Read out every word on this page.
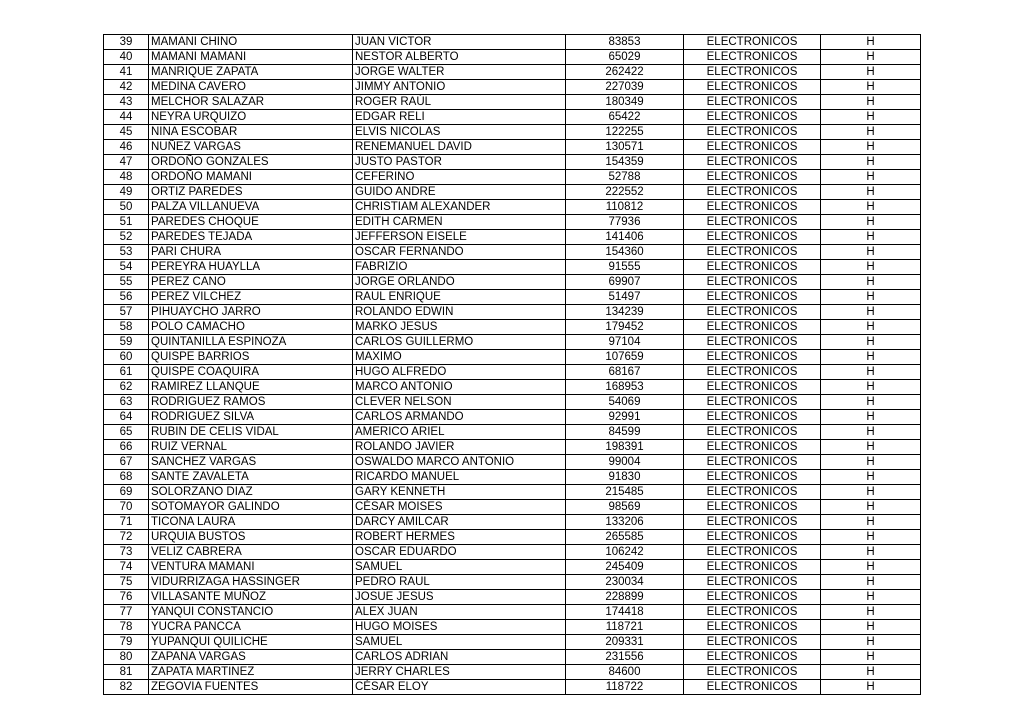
39	MAMANI CHINO	JUAN VICTOR	83853	ELECTRONICOS	H
40	MAMANI MAMANI	NESTOR ALBERTO	65029	ELECTRONICOS	H
41	MANRIQUE ZAPATA	JORGE WALTER	262422	ELECTRONICOS	H
42	MEDINA CAVERO	JIMMY ANTONIO	227039	ELECTRONICOS	H
43	MELCHOR SALAZAR	ROGER RAÚL	180349	ELECTRONICOS	H
44	NEYRA URQUIZO	EDGAR RELI	65422	ELECTRONICOS	H
45	NINA ESCOBAR	ELVIS NICOLAS	122255	ELECTRONICOS	H
46	NUÑEZ VARGAS	RENEMANUEL DAVID	130571	ELECTRONICOS	H
47	ORDOÑO GONZALES	JUSTO PASTOR	154359	ELECTRONICOS	H
48	ORDOÑO MAMANI	CEFERINO	52788	ELECTRONICOS	H
49	ORTIZ PAREDES	GUIDO ANDRE	222552	ELECTRONICOS	H
50	PALZA VILLANUEVA	CHRISTIAM ALEXANDER	110812	ELECTRONICOS	H
51	PAREDES CHOQUE	EDITH CARMEN	77936	ELECTRONICOS	H
52	PAREDES TEJADA	JEFFERSON EISELE	141406	ELECTRONICOS	H
53	PARI CHURA	OSCAR FERNANDO	154360	ELECTRONICOS	H
54	PEREYRA HUAYLLA	FABRIZIO	91555	ELECTRONICOS	H
55	PEREZ CANO	JORGE ORLANDO	69907	ELECTRONICOS	H
56	PEREZ VILCHEZ	RAUL ENRIQUE	51497	ELECTRONICOS	H
57	PIHUAYCHO JARRO	ROLANDO EDWIN	134239	ELECTRONICOS	H
58	POLO CAMACHO	MARKO JESUS	179452	ELECTRONICOS	H
59	QUINTANILLA ESPINOZA	CARLOS GUILLERMO	97104	ELECTRONICOS	H
60	QUISPE BARRIOS	MAXIMO	107659	ELECTRONICOS	H
61	QUISPE COAQUIRA	HUGO ALFREDO	68167	ELECTRONICOS	H
62	RAMIREZ LLANQUE	MARCO ANTONIO	168953	ELECTRONICOS	H
63	RODRIGUEZ RAMOS	CLEVER NELSON	54069	ELECTRONICOS	H
64	RODRIGUEZ SILVA	CARLOS ARMANDO	92991	ELECTRONICOS	H
65	RUBIN DE CELIS VIDAL	AMERICO ARIEL	84599	ELECTRONICOS	H
66	RUIZ VERNAL	ROLANDO JAVIER	198391	ELECTRONICOS	H
67	SANCHEZ VARGAS	OSWALDO MARCO ANTONIO	99004	ELECTRONICOS	H
68	SANTE ZAVALETA	RICARDO MANUEL	91830	ELECTRONICOS	H
69	SOLORZANO DIAZ	GARY KENNETH	215485	ELECTRONICOS	H
70	SOTOMAYOR GALINDO	CÉSAR MOISES	98569	ELECTRONICOS	H
71	TICONA LAURA	DARCY AMILCAR	133206	ELECTRONICOS	H
72	URQUIA BUSTOS	ROBERT HERMES	265585	ELECTRONICOS	H
73	VELIZ CABRERA	OSCAR EDUARDO	106242	ELECTRONICOS	H
74	VENTURA MAMANI	SAMUEL	245409	ELECTRONICOS	H
75	VIDURRIZAGA HASSINGER	PEDRO RAUL	230034	ELECTRONICOS	H
76	VILLASANTE MUÑOZ	JOSUE JESUS	228899	ELECTRONICOS	H
77	YANQUI CONSTANCIO	ALEX JUAN	174418	ELECTRONICOS	H
78	YUCRA PANCCA	HUGO MOISES	118721	ELECTRONICOS	H
79	YUPANQUI QUILICHE	SAMUEL	209331	ELECTRONICOS	H
80	ZAPANA VARGAS	CARLOS ADRIAN	231556	ELECTRONICOS	H
81	ZAPATA MARTINEZ	JERRY CHARLES	84600	ELECTRONICOS	H
82	ZEGOVIA FUENTES	CÉSAR ELOY	118722	ELECTRONICOS	H
